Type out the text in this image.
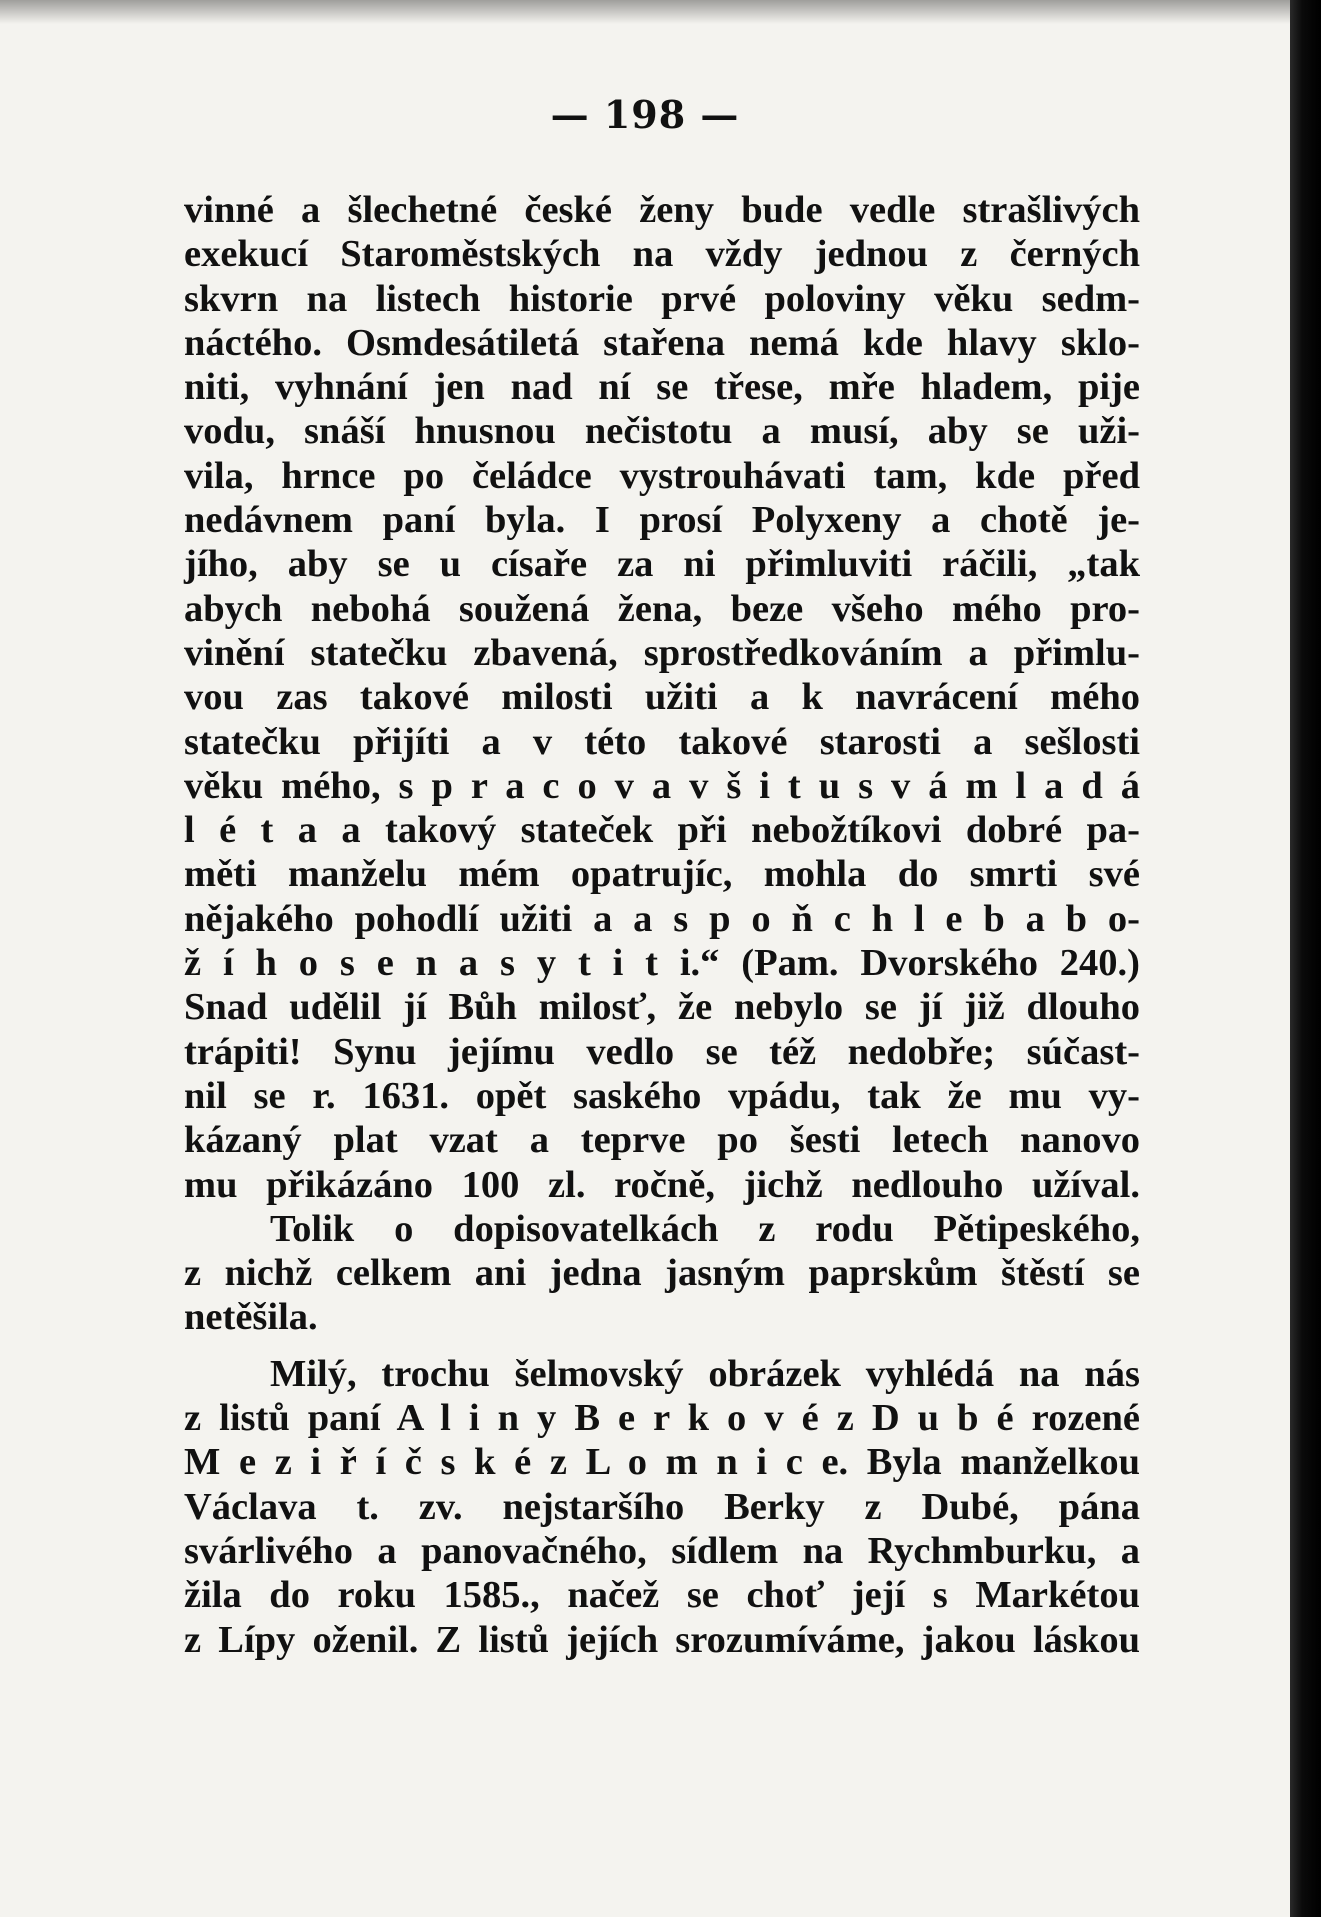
— 198 —
vinné a šlechetné české ženy bude vedle strašlivých
exekucí Staroměstských na vždy jednou z černých
skvrn na listech historie prvé poloviny věku sedm-
náctého. Osmdesátiletá stařena nemá kde hlavy sklo-
niti, vyhnání jen nad ní se třese, mře hladem, pije
vodu, snáší hnusnou nečistotu a musí, aby se uži-
vila, hrnce po čeládce vystrouhávati tam, kde před
nedávnem paní byla. I prosí Polyxeny a chotě je-
jího, aby se u císaře za ni přimluviti ráčili, „tak
abych nebohá soužená žena, beze všeho mého pro-
vinění statečku zbavená, sprostředkováním a přimlu-
vou zas takové milosti užiti a k navrácení mého
statečku přijíti a v této takové starosti a sešlosti
věku mého, s p r a c o v a v š i t u s v á m l a d á
l é t a a takový stateček při nebožtíkovi dobré pa-
měti manželu mém opatrujíc, mohla do smrti své
nějakého pohodlí užiti a a s p o ň c h l e b a b o-
ž í h o s e n a s y t i t i.“ (Pam. Dvorského 240.)
Snad udělil jí Bůh milosť, že nebylo se jí již dlouho
trápiti! Synu jejímu vedlo se též nedobře; súčast-
nil se r. 1631. opět saského vpádu, tak že mu vy-
kázaný plat vzat a teprve po šesti letech nanovo
mu přikázáno 100 zl. ročně, jichž nedlouho užíval.
Tolik o dopisovatelkách z rodu Pětipeského,
z nichž celkem ani jedna jasným paprskům štěstí se
netěšila.
Milý, trochu šelmovský obrázek vyhlédá na nás
z listů paní A l i n y B e r k o v é z D u b é rozené
M e z i ř í č s k é z L o m n i c e. Byla manželkou
Václava t. zv. nejstaršího Berky z Dubé, pána
svárlivého a panovačného, sídlem na Rychmburku, a
žila do roku 1585., načež se choť její s Markétou
z Lípy oženil. Z listů jejích srozumíváme, jakou láskou
